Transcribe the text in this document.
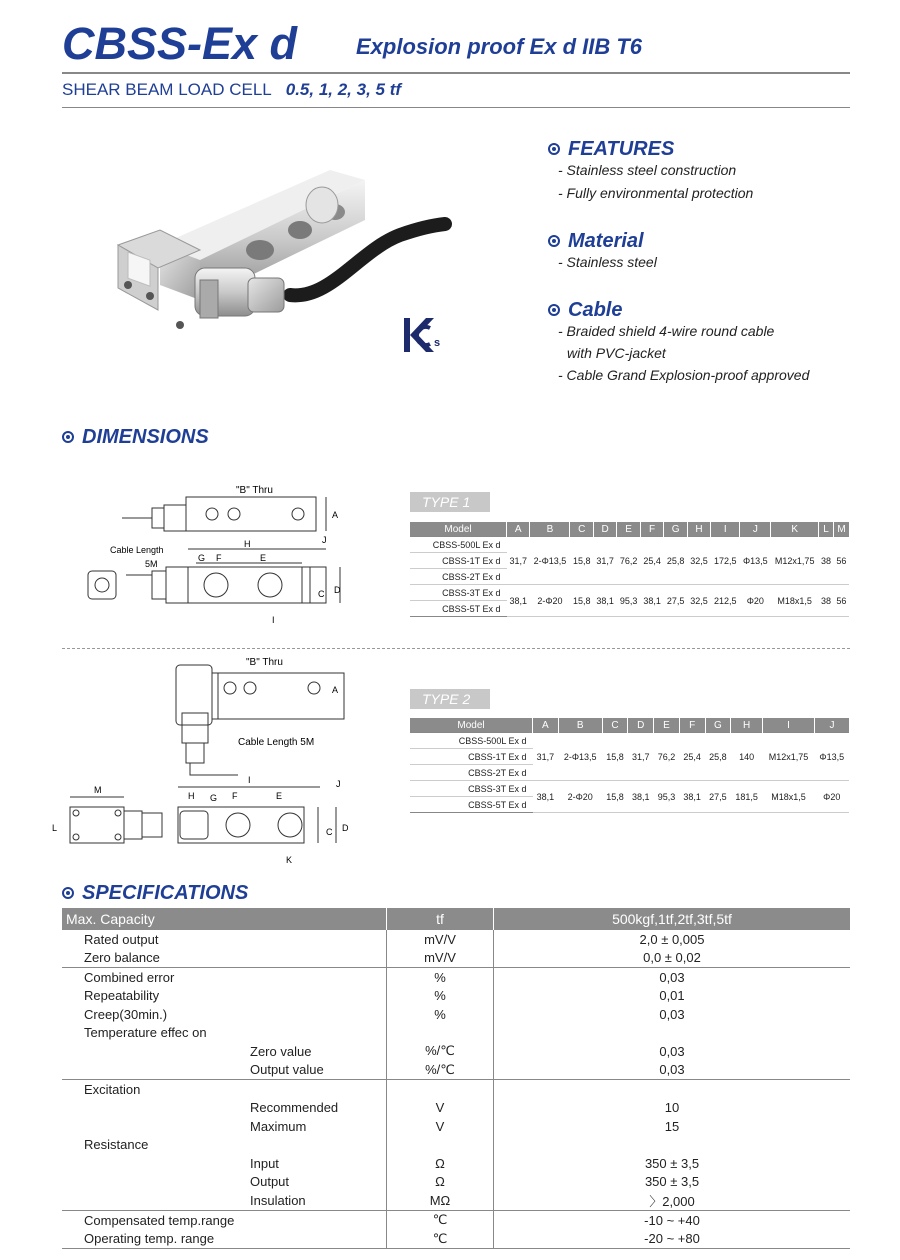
CBSS-Ex d	Explosion proof Ex d IIB T6
SHEAR BEAM LOAD CELL 0.5, 1, 2, 3, 5 tf
s
FEATURES
- Stainless steel construction
- Fully environmental protection
Material
- Stainless steel
Cable
- Braided shield 4-wire round cable
with PVC-jacket
- Cable Grand Explosion-proof approved
DIMENSIONS
"B" Thru
Cable Length
5M
A
H	J
G F	E
C D
I
TYPE 1
Model	A	B	C	D	E	F	G	H	I	J	K	L	M
CBSS-500L Ex d	31,7	2-Φ13,5	15,8	31,7	76,2	25,4	25,8	32,5	172,5	Φ13,5	M12x1,75	38	56
CBSS-1T Ex d													
CBSS-2T Ex d													
CBSS-3T Ex d	38,1	2-Φ20	15,8	38,1	95,3	38,1	27,5	32,5	212,5	Φ20	M18x1,5	38	56
CBSS-5T Ex d													
"B" Thru
Cable Length 5M
A
M
L
I	J
H G F	E
C D
K
TYPE 2
Model	A	B	C	D	E	F	G	H	I	J
CBSS-500L Ex d	31,7	2-Φ13,5	15,8	31,7	76,2	25,4	25,8	140	M12x1,75	Φ13,5
CBSS-1T Ex d										
CBSS-2T Ex d										
CBSS-3T Ex d	38,1	2-Φ20	15,8	38,1	95,3	38,1	27,5	181,5	M18x1,5	Φ20
CBSS-5T Ex d										
SPECIFICATIONS
Max. Capacity	tf	500kgf,1tf,2tf,3tf,5tf
Rated output	mV/V	2,0 ± 0,005
Zero balance	mV/V	0,0 ± 0,02
Combined error	%	0,03
Repeatability	%	0,01
Creep(30min.)	%	0,03
Temperature effec on		
Zero value	%/℃	0,03
Output value	%/℃	0,03
Excitation		
Recommended	V	10
Maximum	V	15
Resistance		
Input	Ω	350 ± 3,5
Output	Ω	350 ± 3,5
Insulation	MΩ	〉2,000
Compensated temp.range	℃	-10 ~ +40
Operating temp. range	℃	-20 ~ +80
